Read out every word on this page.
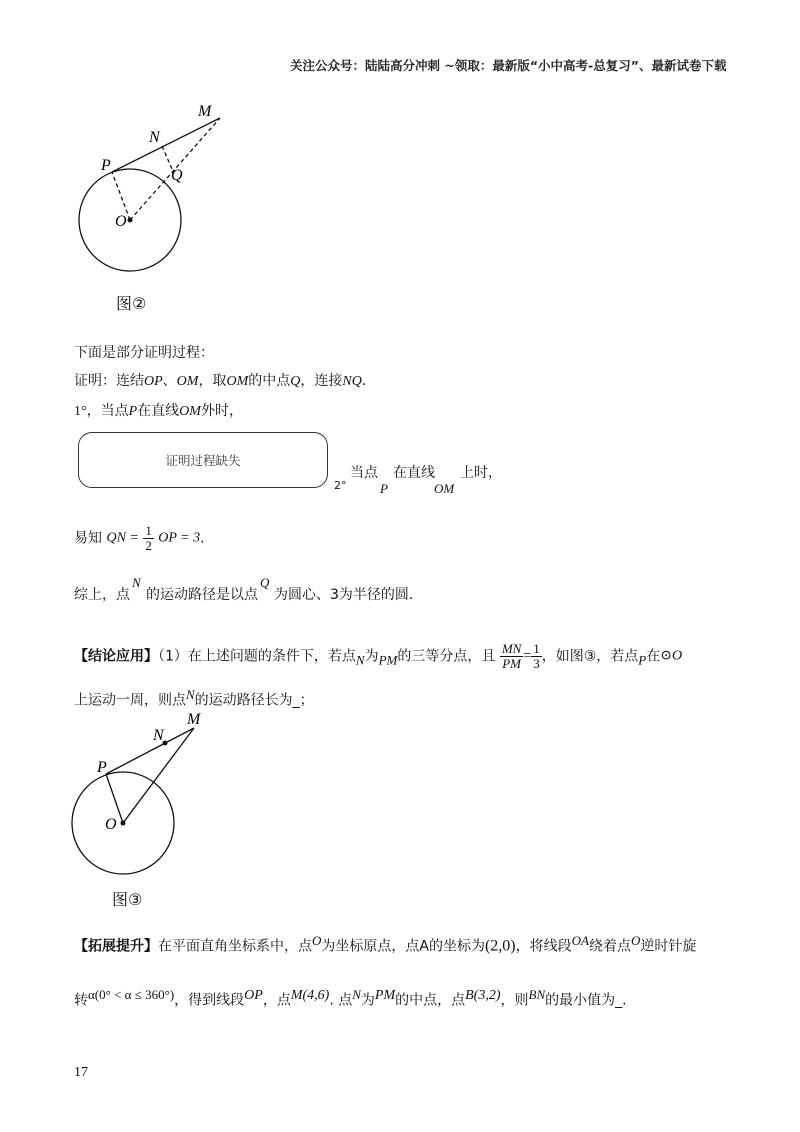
关注公众号：陆陆高分冲刺 ~领取：最新版“小中高考-总复习”、最新试卷下载
M
N
P
Q
O
图②
下面是部分证明过程：
证明：连结OP、OM，取OM的中点Q，连接NQ.
1°，当点P在直线OM外时，
证明过程缺失
2°
当点
P
在直线
OM
上时，
易知 QN = $\frac{1}{2}$ OP = 3.
综上，点
N
的运动路径是以点
Q
为圆心、3为半径的圆.
【结论应用】（1）在上述问题的条件下，若点N为PM的三等分点，且 $\frac{MN}{PM} = \frac{1}{3}$ ，如图③，若点P在⊙O
上运动一周，则点N的运动路径长为_；
M
N
P
O
图③
【拓展提升】在平面直角坐标系中，点O为坐标原点，点A的坐标为(2,0)，将线段OA绕着点O逆时针旋
转α(0° < α ≤ 360°)，得到线段OP，点M(4,6). 点N为PM的中点，点B(3,2)，则BN的最小值为_.
17
